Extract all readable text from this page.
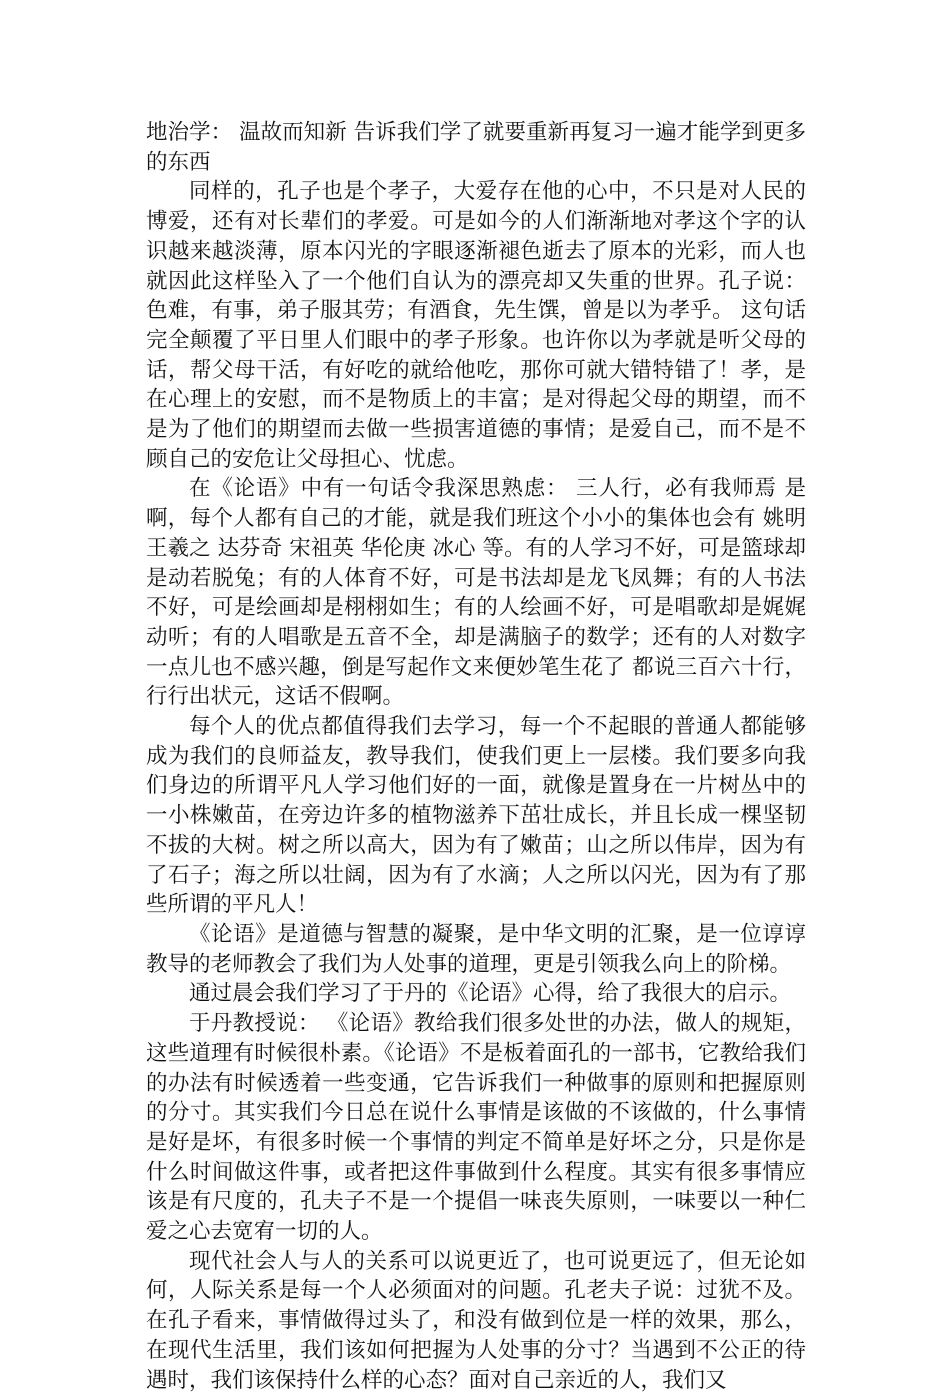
地治学： 温故而知新 告诉我们学了就要重新再复习一遍才能学到更多的东西

同样的，孔子也是个孝子，大爱存在他的心中，不只是对人民的博爱，还有对长辈们的孝爱。可是如今的人们渐渐地对孝这个字的认识越来越淡薄，原本闪光的字眼逐渐褪色逝去了原本的光彩，而人也就因此这样坠入了一个他们自认为的漂亮却又失重的世界。孔子说： 色难，有事，弟子服其劳；有酒食，先生馔，曾是以为孝乎。 这句话完全颠覆了平日里人们眼中的孝子形象。也许你以为孝就是听父母的话，帮父母干活，有好吃的就给他吃，那你可就大错特错了！孝，是在心理上的安慰，而不是物质上的丰富；是对得起父母的期望，而不是为了他们的期望而去做一些损害道德的事情；是爱自己，而不是不顾自己的安危让父母担心、忧虑。

在《论语》中有一句话令我深思熟虑： 三人行，必有我师焉 是啊，每个人都有自己的才能，就是我们班这个小小的集体也会有 姚明 王羲之 达芬奇 宋祖英 华伦庚 冰心 等。有的人学习不好，可是篮球却是动若脱兔；有的人体育不好，可是书法却是龙飞凤舞；有的人书法不好，可是绘画却是栩栩如生；有的人绘画不好，可是唱歌却是娓娓动听；有的人唱歌是五音不全，却是满脑子的数学；还有的人对数字一点儿也不感兴趣，倒是写起作文来便妙笔生花了 都说三百六十行，行行出状元，这话不假啊。

每个人的优点都值得我们去学习，每一个不起眼的普通人都能够成为我们的良师益友，教导我们，使我们更上一层楼。我们要多向我们身边的所谓平凡人学习他们好的一面，就像是置身在一片树丛中的一小株嫩苗，在旁边许多的植物滋养下茁壮成长，并且长成一棵坚韧不拔的大树。树之所以高大，因为有了嫩苗；山之所以伟岸，因为有了石子；海之所以壮阔，因为有了水滴；人之所以闪光，因为有了那些所谓的平凡人！

《论语》是道德与智慧的凝聚，是中华文明的汇聚，是一位谆谆教导的老师教会了我们为人处事的道理，更是引领我么向上的阶梯。

通过晨会我们学习了于丹的《论语》心得，给了我很大的启示。

于丹教授说： 《论语》教给我们很多处世的办法，做人的规矩，这些道理有时候很朴素。《论语》不是板着面孔的一部书，它教给我们的办法有时候透着一些变通，它告诉我们一种做事的原则和把握原则的分寸。其实我们今日总在说什么事情是该做的不该做的，什么事情是好是坏，有很多时候一个事情的判定不简单是好坏之分，只是你是什么时间做这件事，或者把这件事做到什么程度。其实有很多事情应该是有尺度的，孔夫子不是一个提倡一味丧失原则，一味要以一种仁爱之心去宽宥一切的人。

现代社会人与人的关系可以说更近了，也可说更远了，但无论如何，人际关系是每一个人必须面对的问题。孔老夫子说：过犹不及。在孔子看来，事情做得过头了，和没有做到位是一样的效果，那么，在现代生活里，我们该如何把握为人处事的分寸？当遇到不公正的待遇时，我们该保持什么样的心态？面对自己亲近的人，我们又
